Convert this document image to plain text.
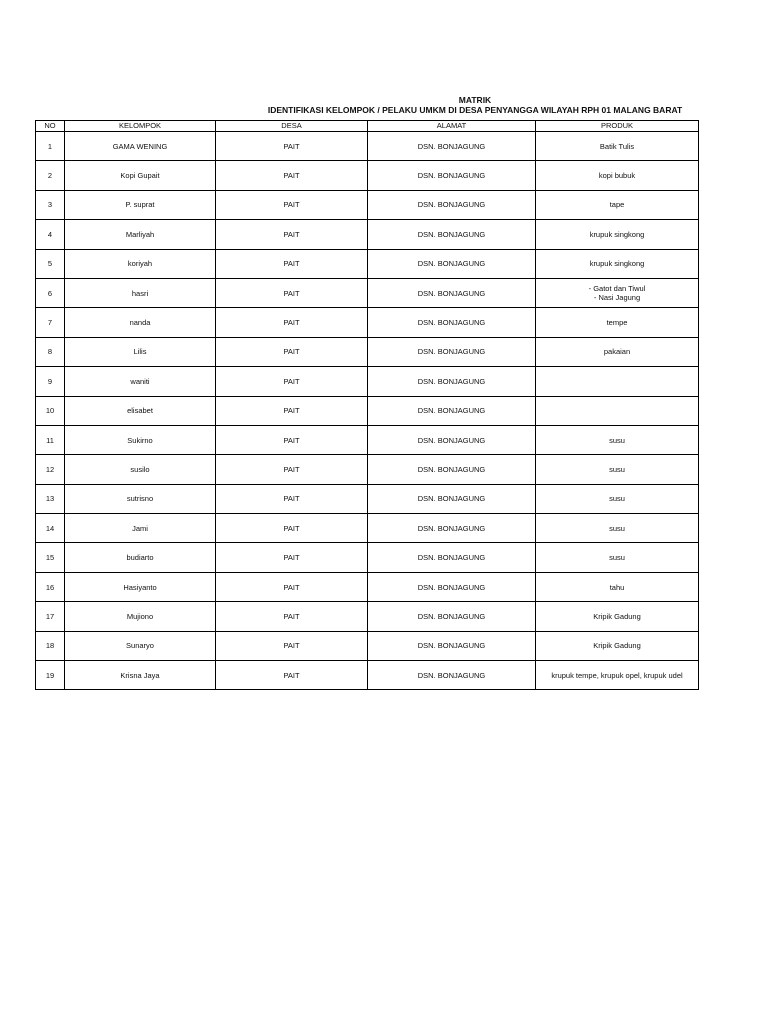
MATRIK
IDENTIFIKASI KELOMPOK / PELAKU UMKM DI DESA PENYANGGA WILAYAH RPH 01 MALANG BARAT
NO	KELOMPOK	DESA	ALAMAT	PRODUK
1	GAMA WENING	PAIT	DSN. BONJAGUNG	Batik Tulis

2	Kopi Gupait	PAIT	DSN. BONJAGUNG	kopi bubuk

3	P. suprat	PAIT	DSN. BONJAGUNG	tape

4	Marliyah	PAIT	DSN. BONJAGUNG	krupuk singkong

5	koriyah	PAIT	DSN. BONJAGUNG	krupuk singkong

6	hasri	PAIT	DSN. BONJAGUNG	- Gatot dan Tiwul
- Nasi Jagung

7	nanda	PAIT	DSN. BONJAGUNG	tempe

8	Lilis	PAIT	DSN. BONJAGUNG	pakaian

9	waniti	PAIT	DSN. BONJAGUNG	
10	elisabet	PAIT	DSN. BONJAGUNG	
11	Sukirno	PAIT	DSN. BONJAGUNG	susu

12	susilo	PAIT	DSN. BONJAGUNG	susu

13	sutrisno	PAIT	DSN. BONJAGUNG	susu

14	Jami	PAIT	DSN. BONJAGUNG	susu

15	budiarto	PAIT	DSN. BONJAGUNG	susu

16	Hasiyanto	PAIT	DSN. BONJAGUNG	tahu

17	Mujiono	PAIT	DSN. BONJAGUNG	Kripik Gadung

18	Sunaryo	PAIT	DSN. BONJAGUNG	Kripik Gadung

19	Krisna Jaya	PAIT	DSN. BONJAGUNG	krupuk tempe, krupuk opel, krupuk udel
